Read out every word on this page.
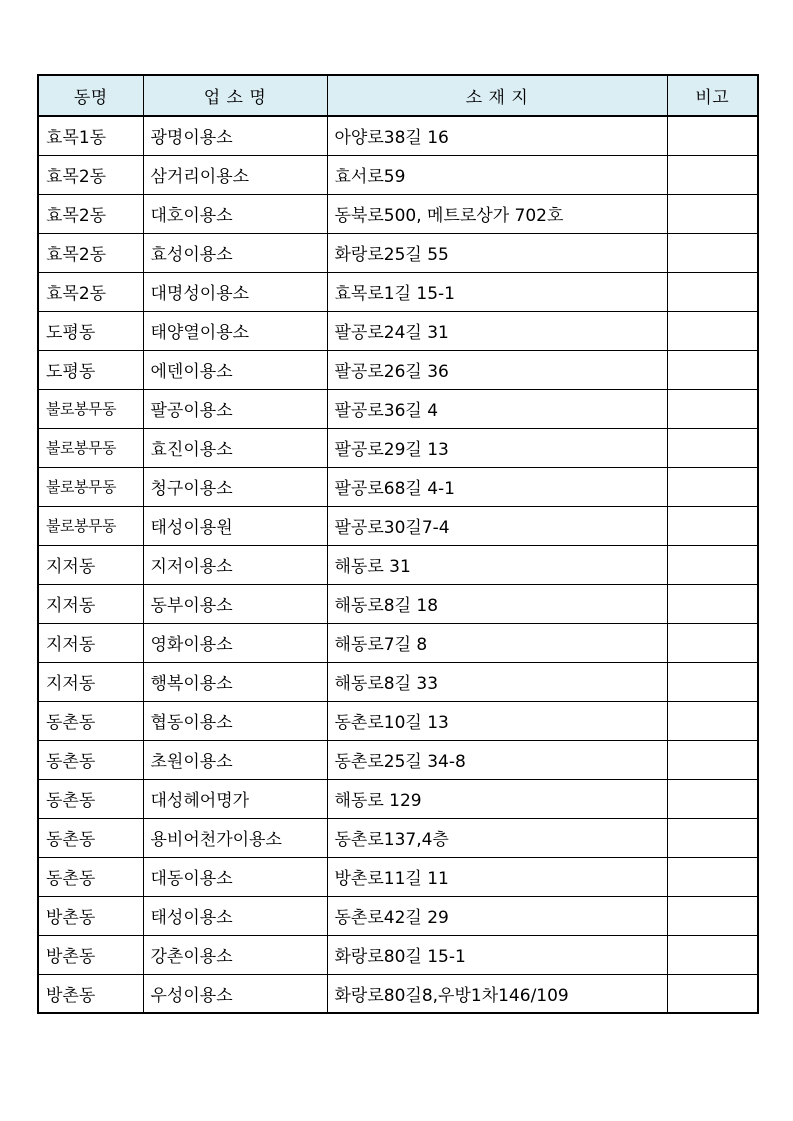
동명	업 소 명	소 재 지	비고
효목1동	광명이용소	아양로38길 16	
효목2동	삼거리이용소	효서로59	
효목2동	대호이용소	동북로500, 메트로상가 702호	
효목2동	효성이용소	화랑로25길 55	
효목2동	대명성이용소	효목로1길 15-1	
도평동	태양열이용소	팔공로24길 31	
도평동	에덴이용소	팔공로26길 36	
불로봉무동	팔공이용소	팔공로36길 4	
불로봉무동	효진이용소	팔공로29길 13	
불로봉무동	청구이용소	팔공로68길 4-1	
불로봉무동	태성이용원	팔공로30길7-4	
지저동	지저이용소	해동로 31	
지저동	동부이용소	해동로8길 18	
지저동	영화이용소	해동로7길 8	
지저동	행복이용소	해동로8길 33	
동촌동	협동이용소	동촌로10길 13	
동촌동	초원이용소	동촌로25길 34-8	
동촌동	대성헤어명가	해동로 129	
동촌동	용비어천가이용소	동촌로137,4층	
동촌동	대동이용소	방촌로11길 11	
방촌동	태성이용소	동촌로42길 29	
방촌동	강촌이용소	화랑로80길 15-1	
방촌동	우성이용소	화랑로80길8,우방1차146/109	
